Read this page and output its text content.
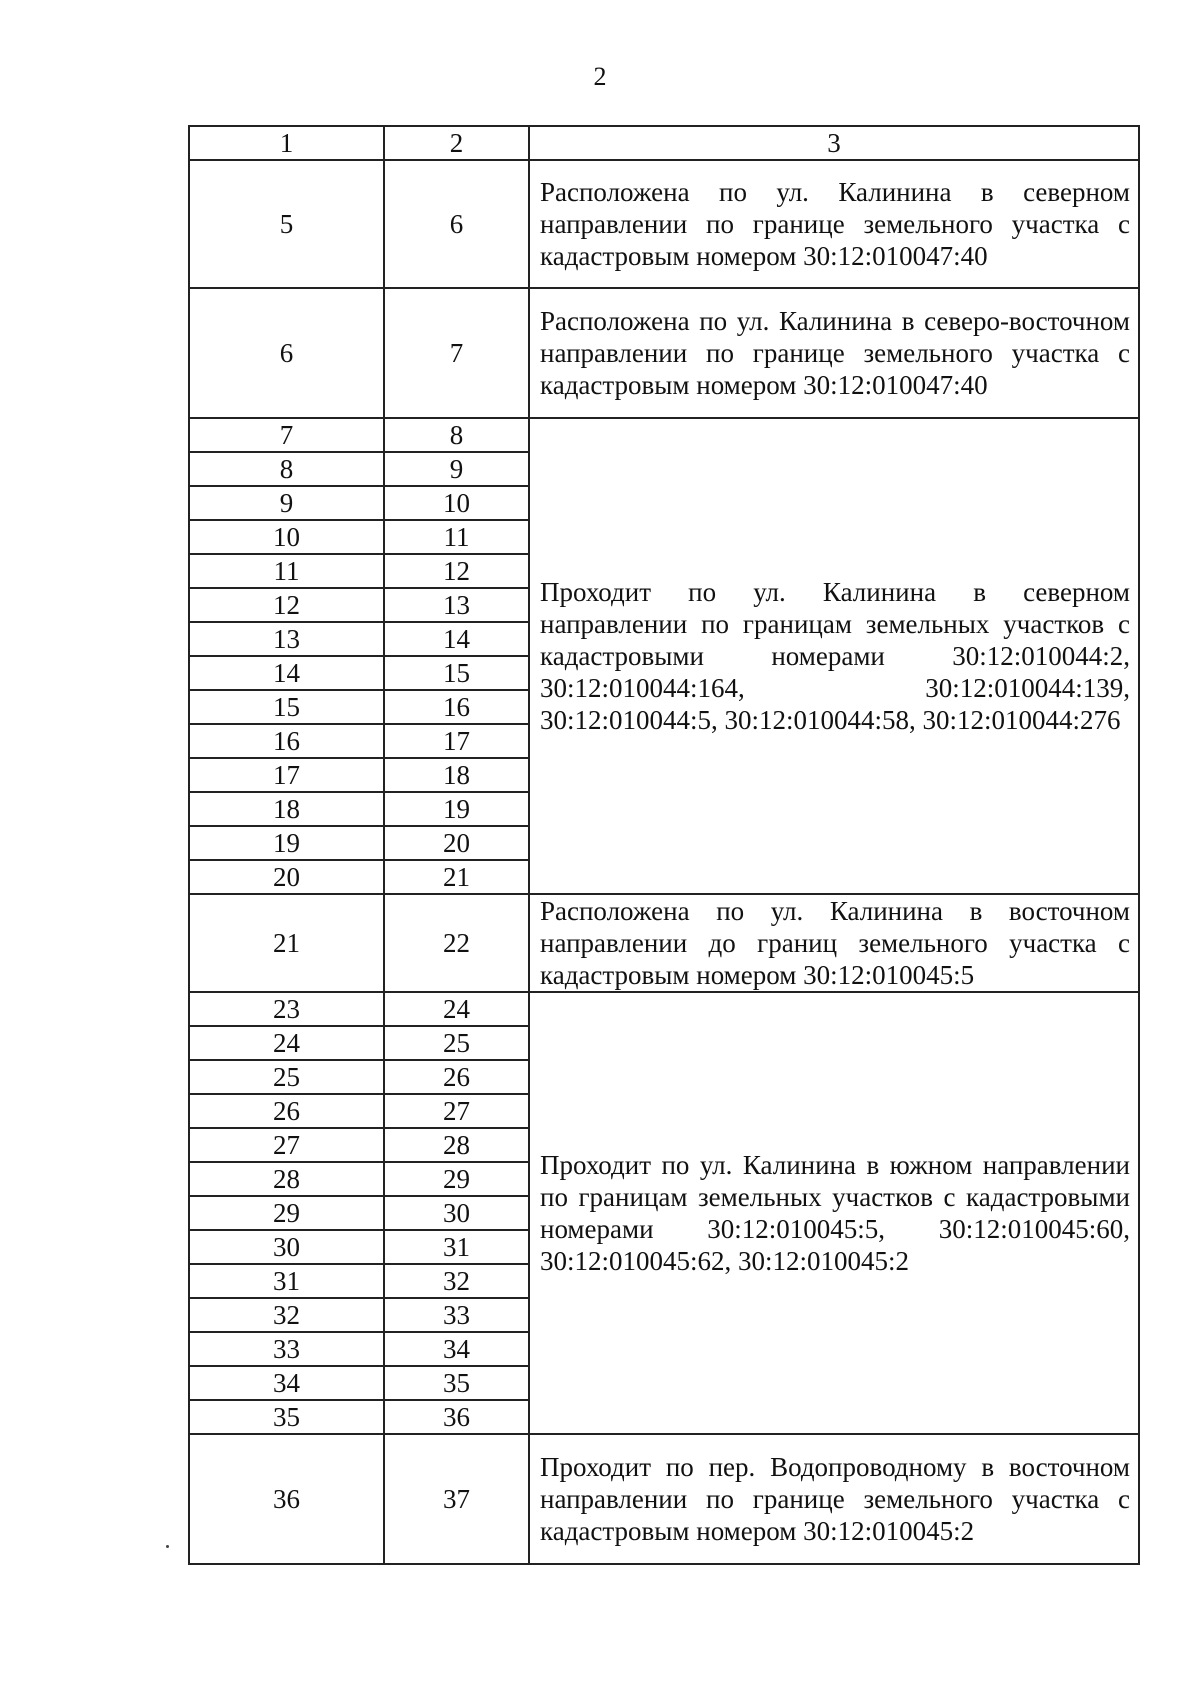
2
1	2	3
5	6	Расположена по ул. Калинина в северном направлении по границе земельного участка с кадастровым номером 30:12:010047:40
6	7	Расположена по ул. Калинина в северо-восточном направлении по границе земельного участка с кадастровым номером 30:12:010047:40
7	8	Проходит по ул. Калинина в северном направлении по границам земельных участков с кадастровыми номерами 30:12:010044:2, 30:12:010044:164, 30:12:010044:139, 30:12:010044:5, 30:12:010044:58, 30:12:010044:276
8	9	
9	10	
10	11	
11	12	
12	13	
13	14	
14	15	
15	16	
16	17	
17	18	
18	19	
19	20	
20	21	
21	22	Расположена по ул. Калинина в восточном направлении до границ земельного участка с кадастровым номером 30:12:010045:5
23	24	Проходит по ул. Калинина в южном направлении по границам земельных участков с кадастровыми номерами 30:12:010045:5, 30:12:010045:60, 30:12:010045:62, 30:12:010045:2
24	25	
25	26	
26	27	
27	28	
28	29	
29	30	
30	31	
31	32	
32	33	
33	34	
34	35	
35	36	
36	37	Проходит по пер. Водопроводному в восточном направлении по границе земельного участка с кадастровым номером 30:12:010045:2
